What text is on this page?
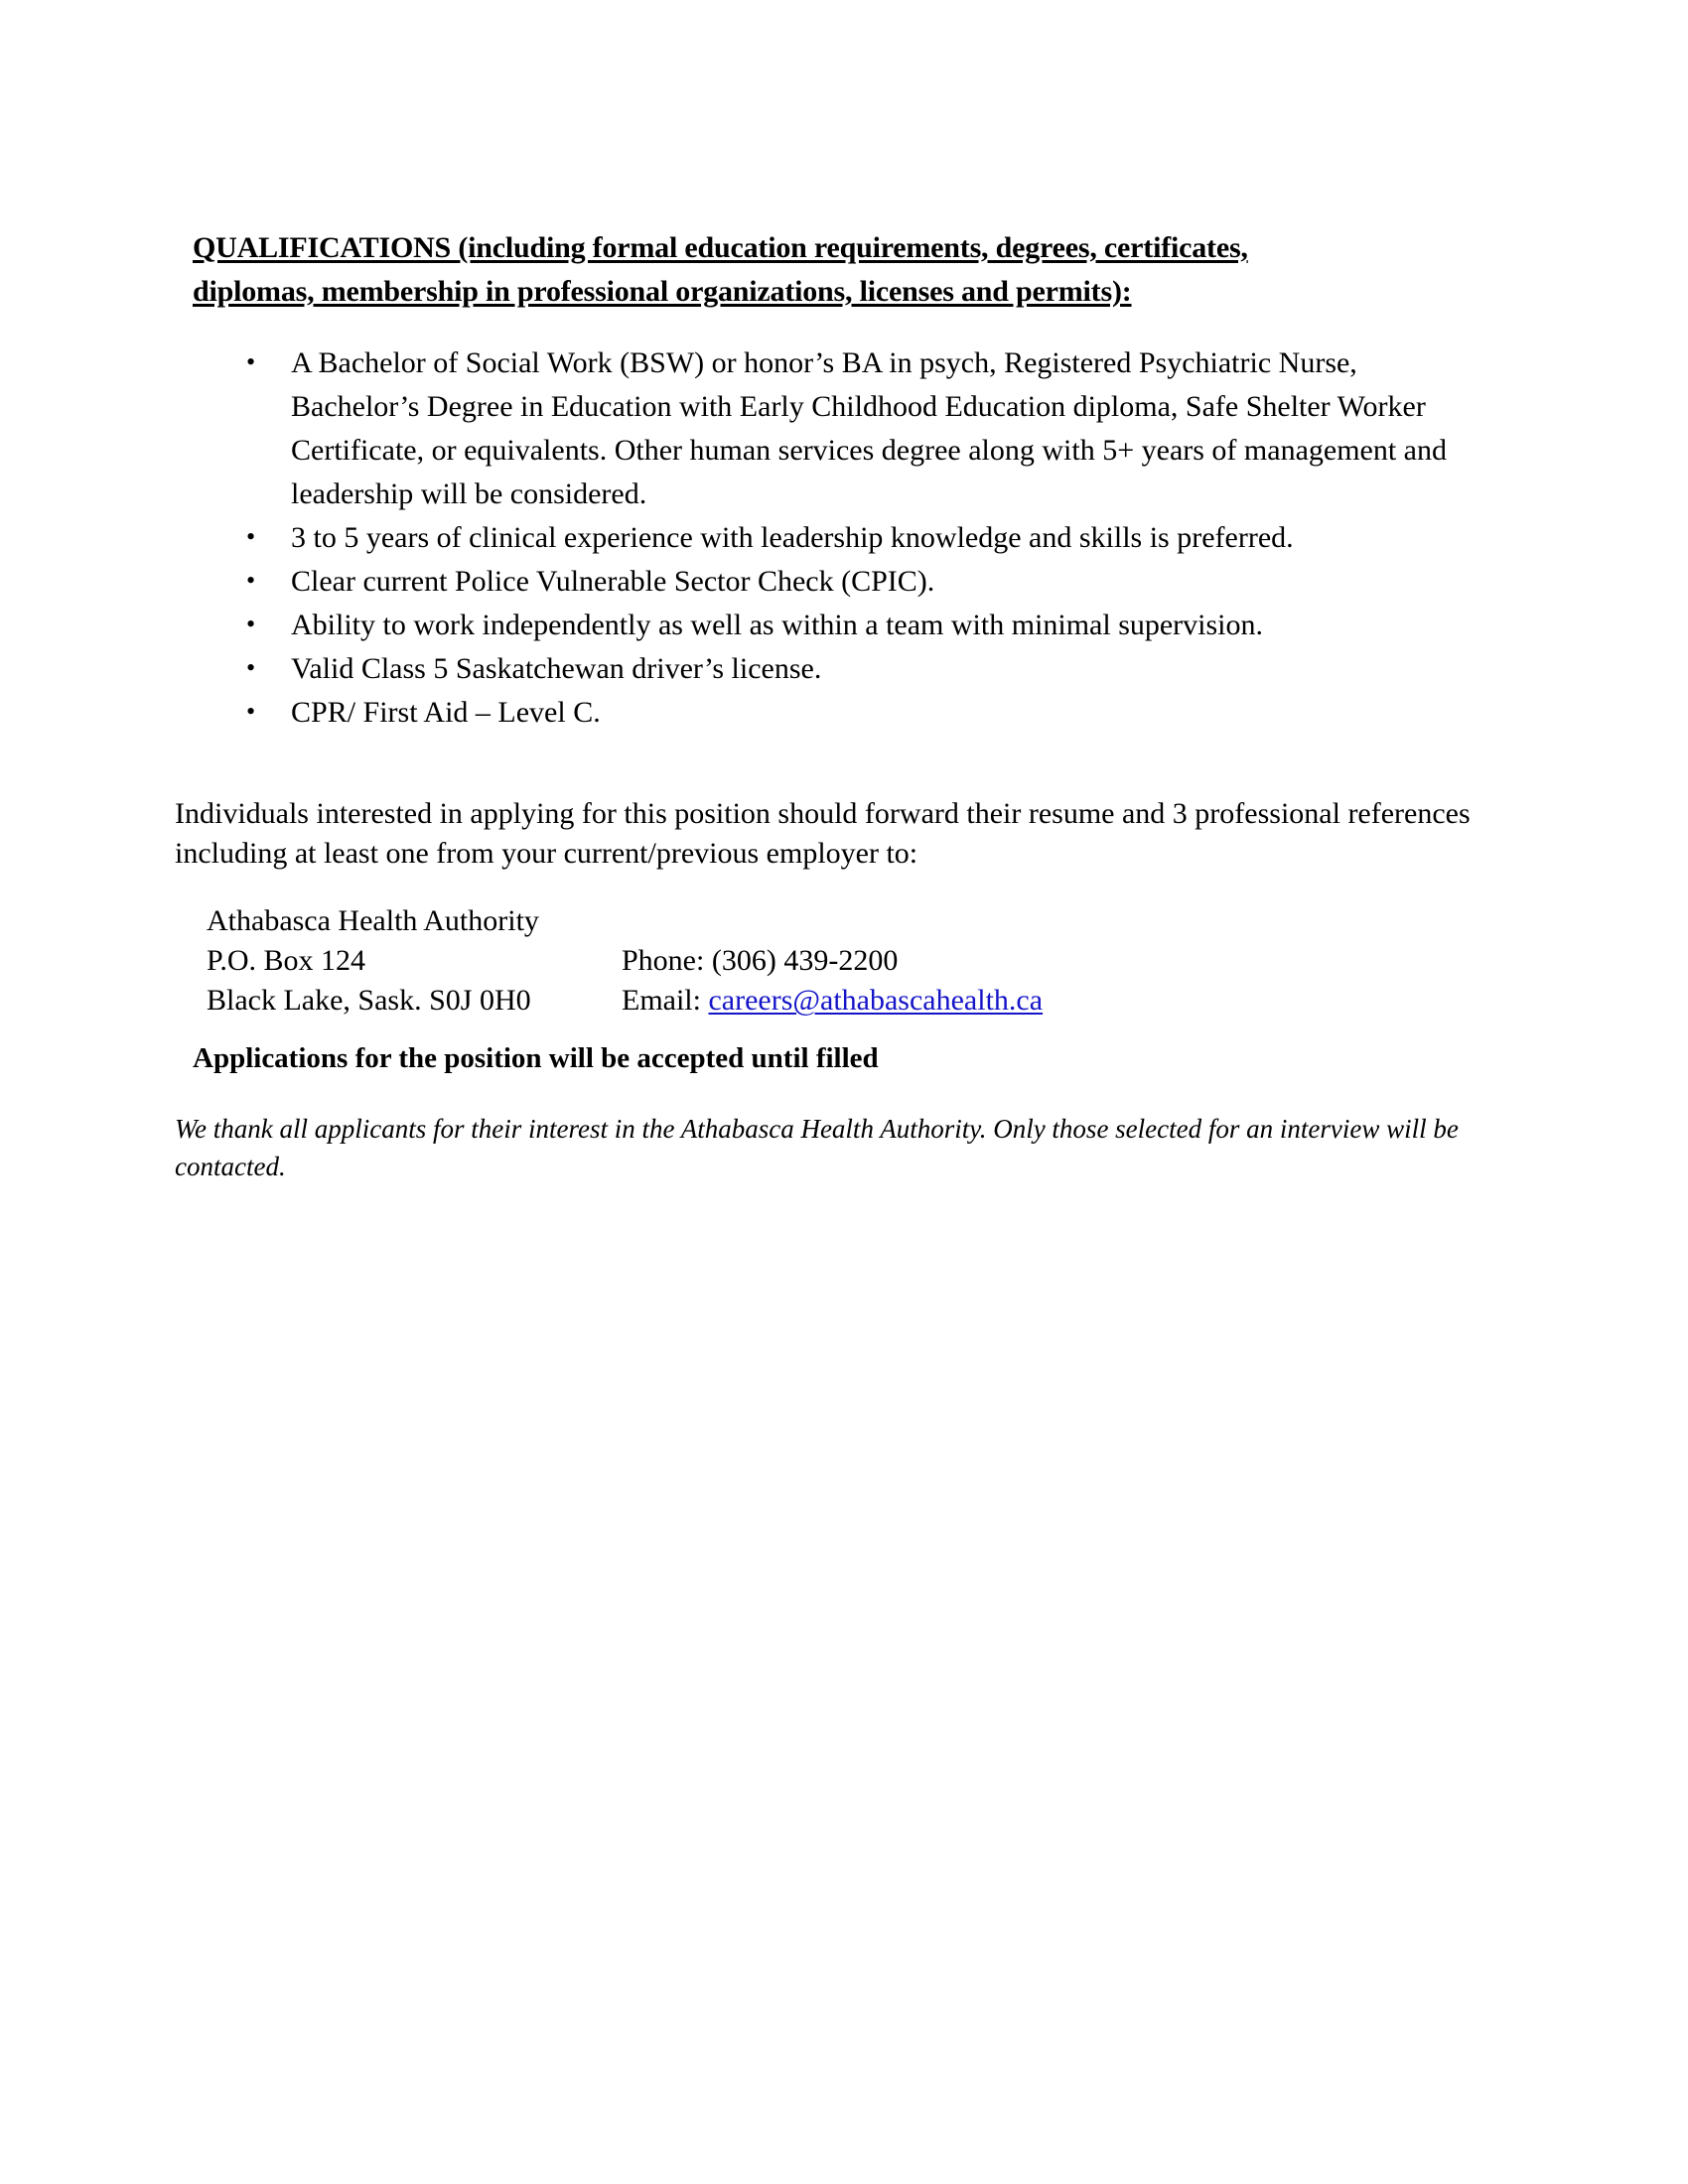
QUALIFICATIONS (including formal education requirements, degrees, certificates,
diplomas, membership in professional organizations, licenses and permits):
• A Bachelor of Social Work (BSW) or honor’s BA in psych, Registered Psychiatric Nurse, Bachelor’s Degree in Education with Early Childhood Education diploma, Safe Shelter Worker Certificate, or equivalents. Other human services degree along with 5+ years of management and leadership will be considered.
• 3 to 5 years of clinical experience with leadership knowledge and skills is preferred.
• Clear current Police Vulnerable Sector Check (CPIC).
• Ability to work independently as well as within a team with minimal supervision.
• Valid Class 5 Saskatchewan driver’s license.
• CPR/ First Aid – Level C.

Individuals interested in applying for this position should forward their resume and 3 professional references including at least one from your current/previous employer to:

Athabasca Health Authority

P.O. Box 124	Phone: (306) 439-2200
Black Lake, Sask. S0J 0H0	Email: careers@athabascahealth.ca
Applications for the position will be accepted until filled
We thank all applicants for their interest in the Athabasca Health Authority. Only those selected for an interview will be contacted.
